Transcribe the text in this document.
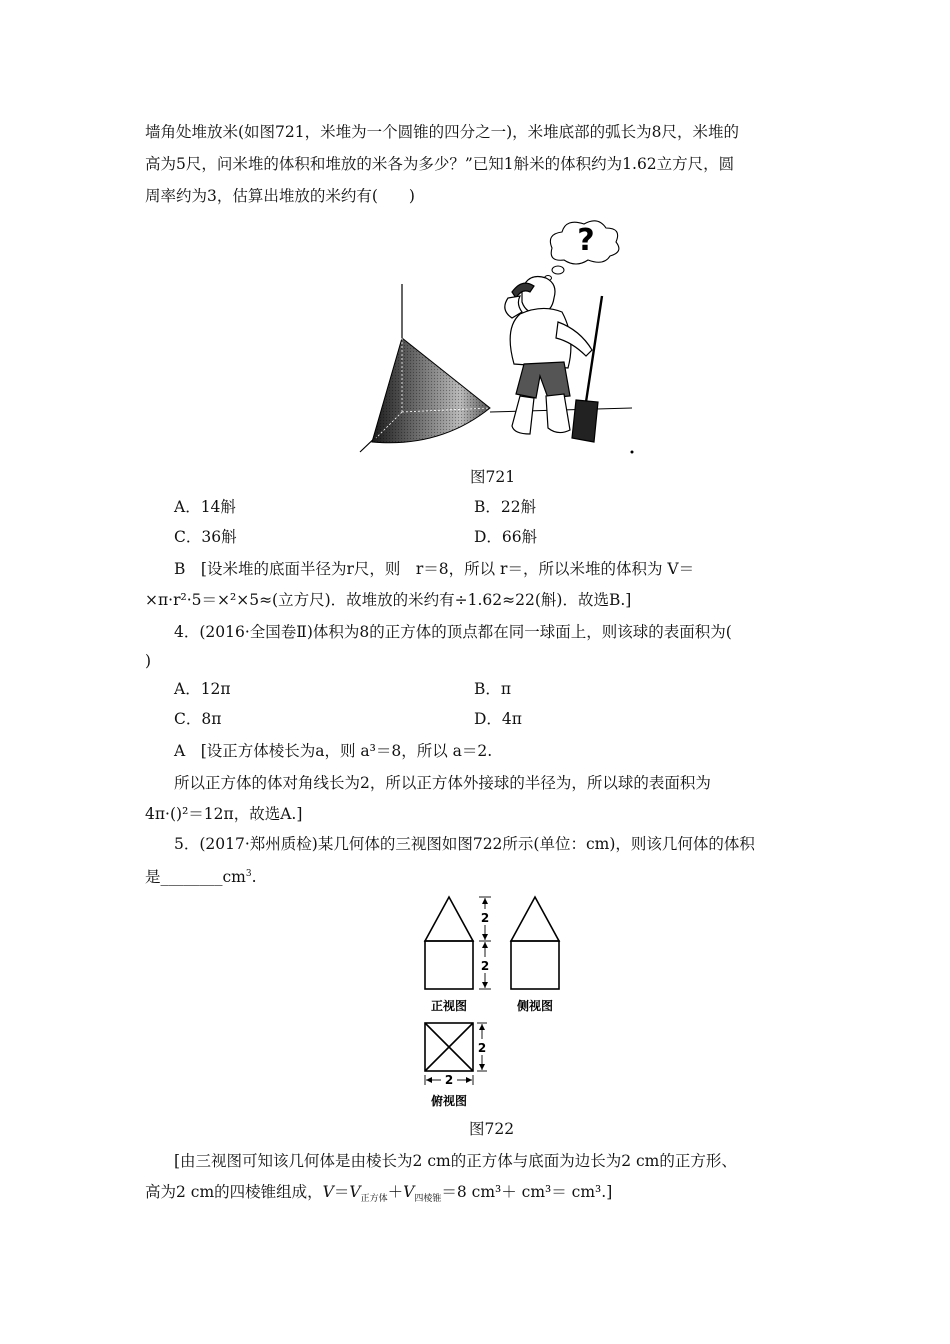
墙角处堆放米(如图721，米堆为一个圆锥的四分之一)，米堆底部的弧长为8尺，米堆的
高为5尺，问米堆的体积和堆放的米各为多少？”已知1斛米的体积约为1.62立方尺，圆
周率约为3，估算出堆放的米约有(　　)
?
图721
A．14斛	B．22斛
C．36斛	D．66斛
B　[设米堆的底面半径为r尺，则　r＝8，所以 r＝，所以米堆的体积为 V＝
×π·r²·5＝×²×5≈(立方尺)．故堆放的米约有÷1.62≈22(斛)．故选B.]
4．(2016·全国卷Ⅱ)体积为8的正方体的顶点都在同一球面上，则该球的表面积为(
)
A．12π	B．π
C．8π	D．4π
A　[设正方体棱长为a，则 a³＝8，所以 a＝2.
所以正方体的体对角线长为2，所以正方体外接球的半径为，所以球的表面积为
4π·()²＝12π，故选A.]
5．(2017·郑州质检)某几何体的三视图如图722所示(单位：cm)，则该几何体的体积
是$\_\_\_\_\_\_\_\_cm^3$.
2
2
2
2
正视图	侧视图
俯视图
图722
[由三视图可知该几何体是由棱长为2 cm的正方体与底面为边长为2 cm的正方形、
高为2 cm的四棱锥组成，$V=V_{正方体}+V_{四棱锥}=8$ cm³＋ cm³＝ cm³.]
